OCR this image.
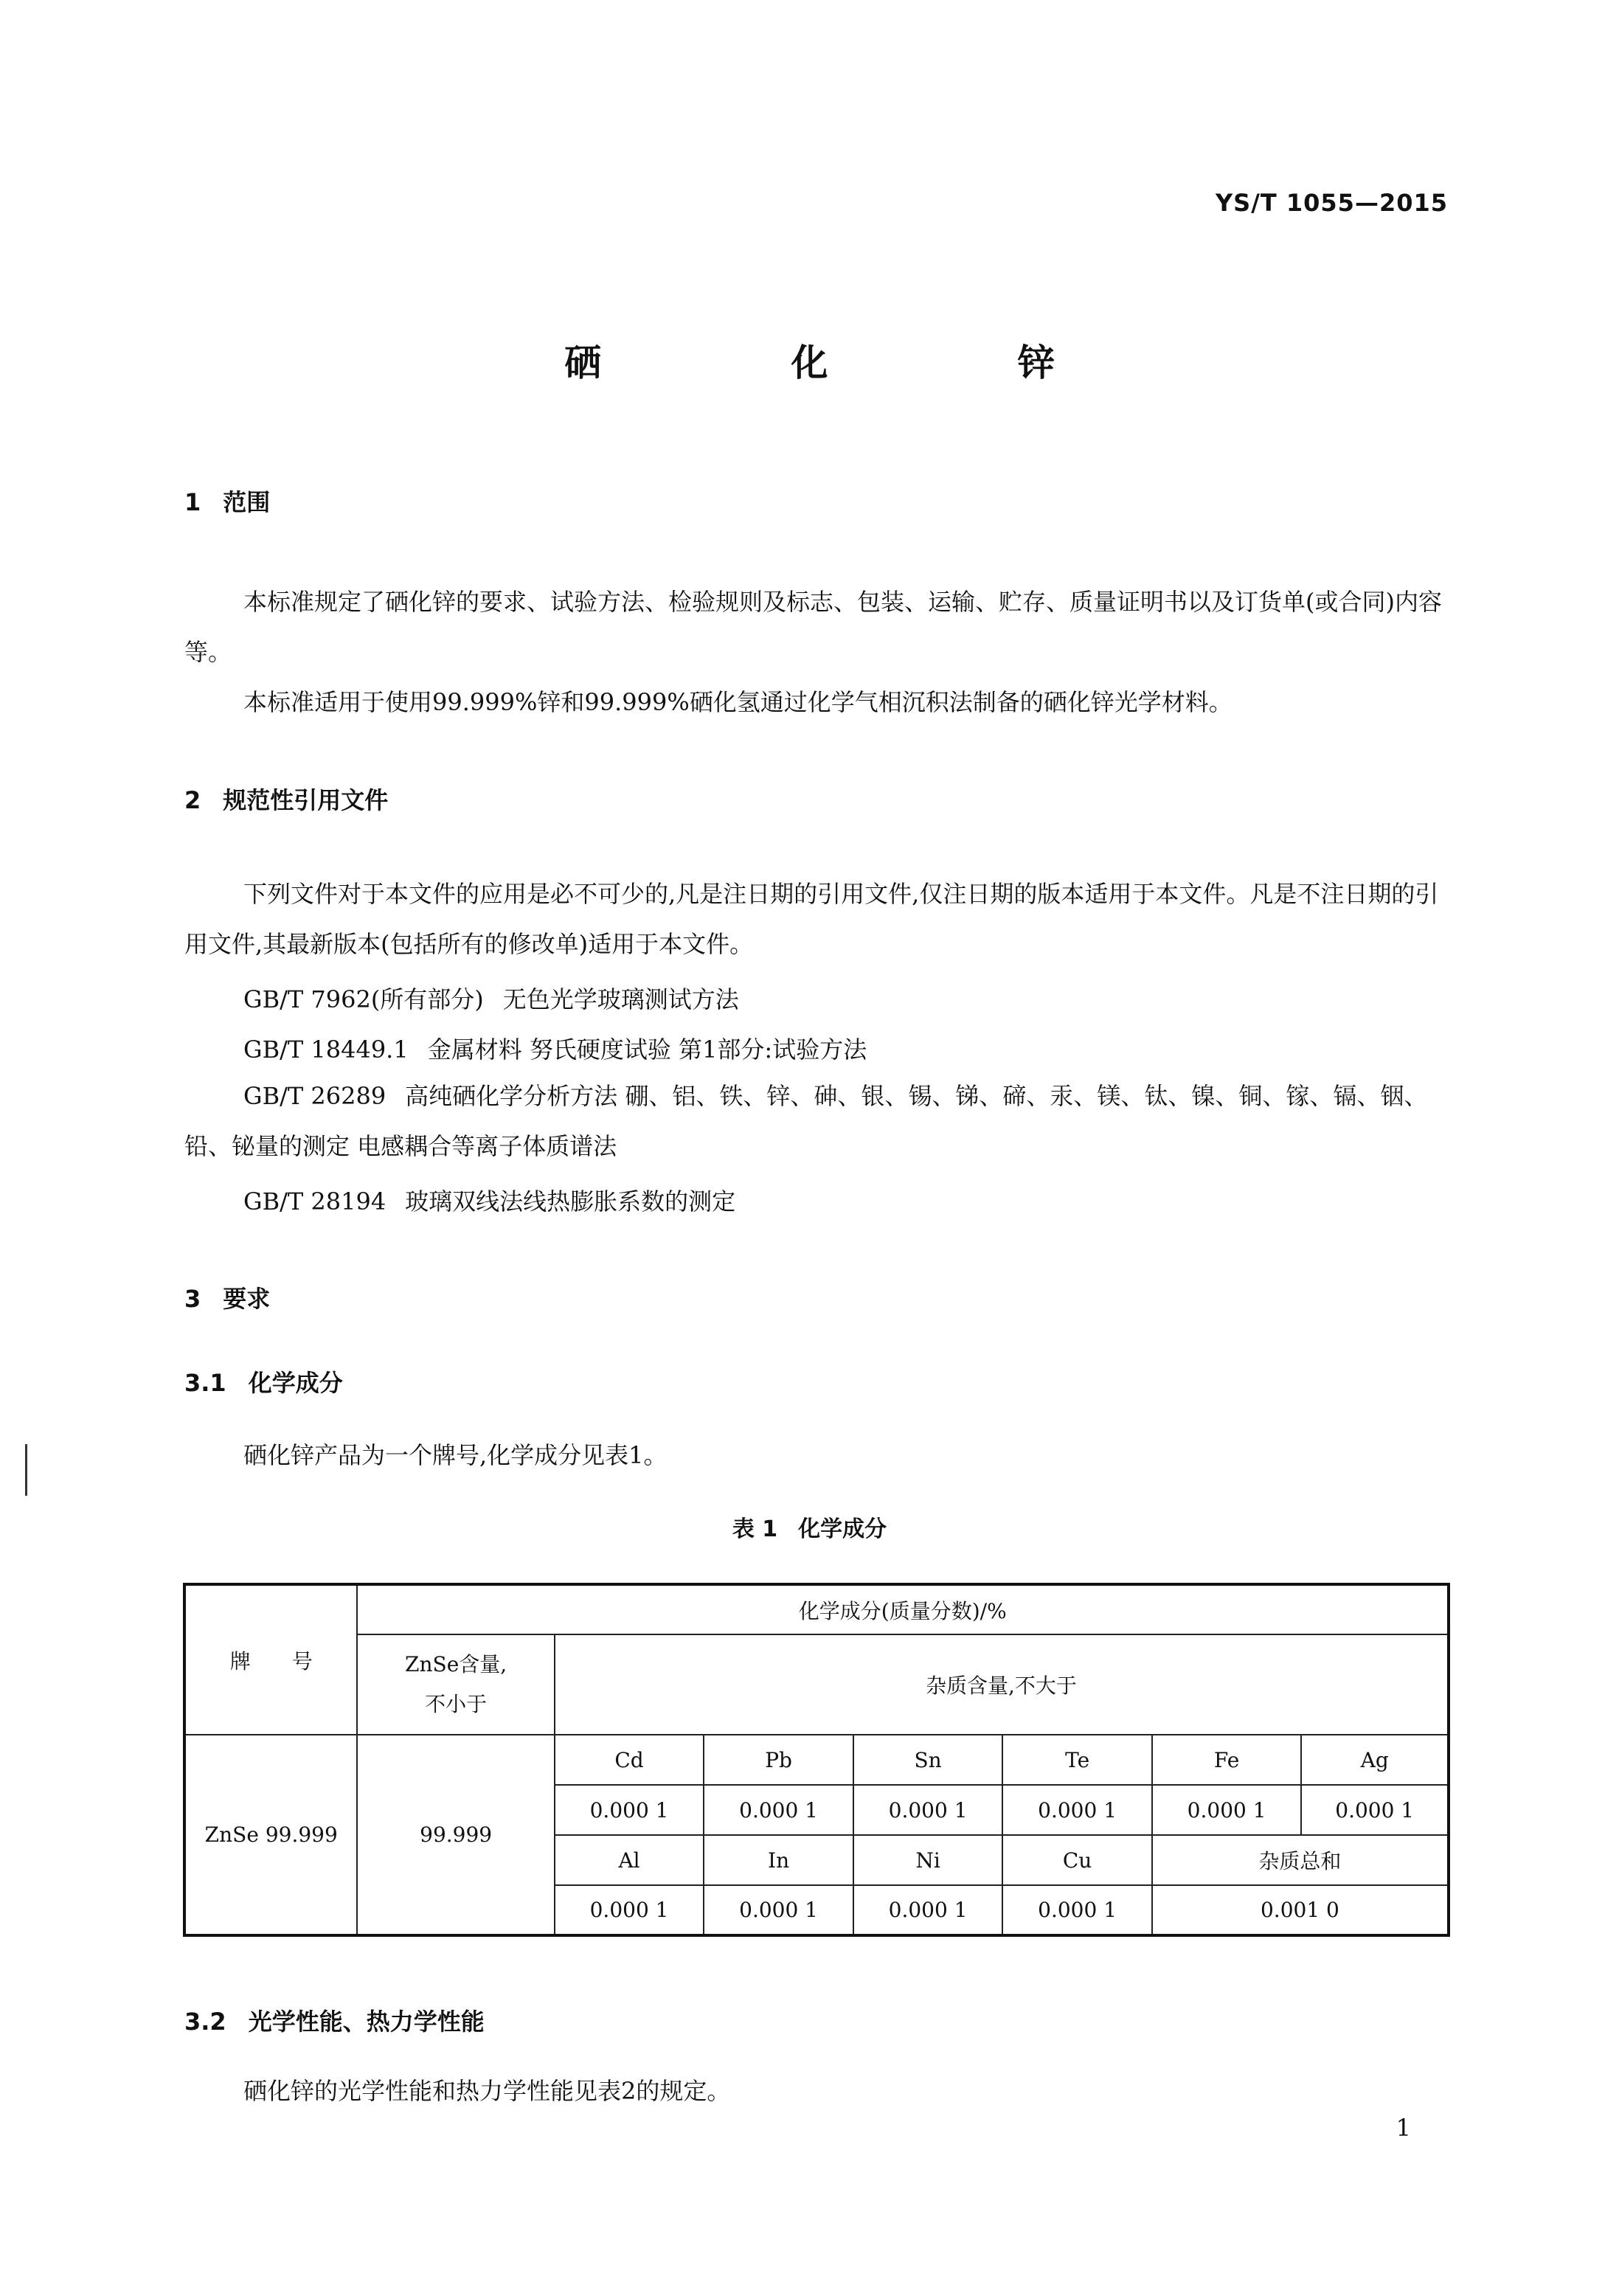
YS/T 1055—2015
硒 化 锌
1 范围

本标准规定了硒化锌的要求、试验方法、检验规则及标志、包装、运输、贮存、质量证明书以及订货单(或合同)内容等。

本标准适用于使用99.999%锌和99.999%硒化氢通过化学气相沉积法制备的硒化锌光学材料。

2 规范性引用文件

下列文件对于本文件的应用是必不可少的,凡是注日期的引用文件,仅注日期的版本适用于本文件。凡是不注日期的引用文件,其最新版本(包括所有的修改单)适用于本文件。

GB/T 7962(所有部分) 无色光学玻璃测试方法
GB/T 18449.1 金属材料 努氏硬度试验 第1部分:试验方法

GB/T 26289 高纯硒化学分析方法 硼、铝、铁、锌、砷、银、锡、锑、碲、汞、镁、钛、镍、铜、镓、镉、铟、铅、铋量的测定 电感耦合等离子体质谱法

GB/T 28194 玻璃双线法线热膨胀系数的测定
3 要求
3.1 化学成分
硒化锌产品为一个牌号,化学成分见表1。
表 1 化学成分
牌　　号	化学成分(质量分数)/%						

	ZnSe含量,
不小于	杂质含量,不大于					
ZnSe 99.999	99.999	Cd	Pb	Sn	Te	Fe	Ag
		0.000 1	0.000 1	0.000 1	0.000 1	0.000 1	0.000 1
		Al	In	Ni	Cu	杂质总和	
		0.000 1	0.000 1	0.000 1	0.000 1	0.001 0	
3.2 光学性能、热力学性能
硒化锌的光学性能和热力学性能见表2的规定。
1
